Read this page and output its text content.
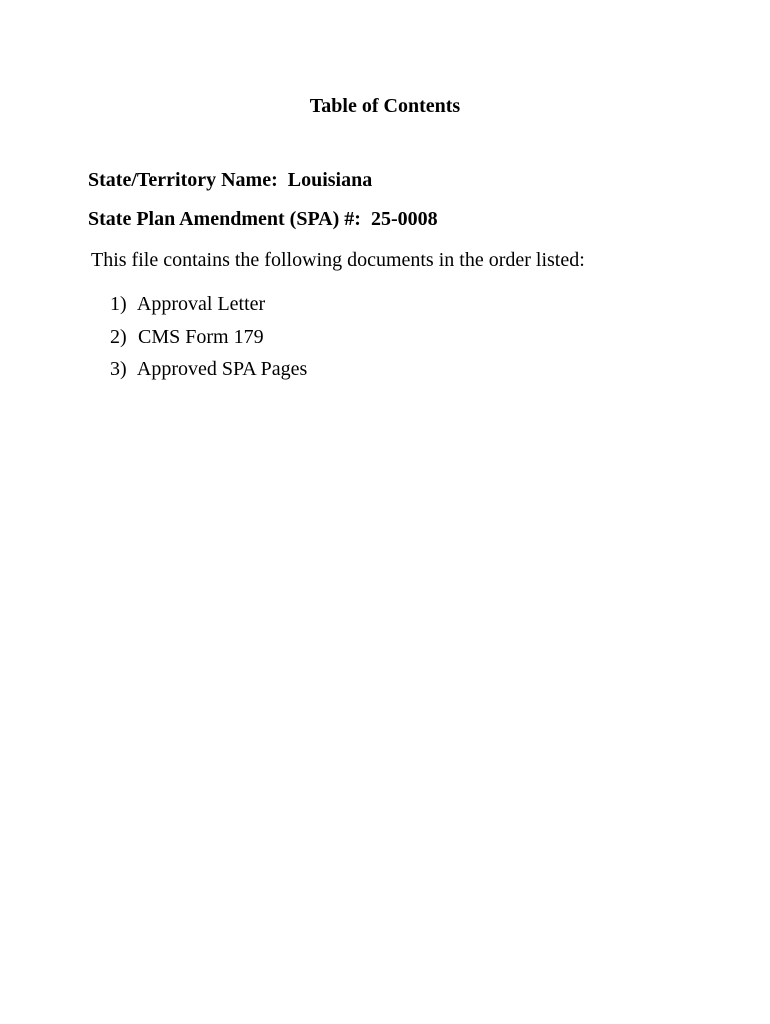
Table of Contents

State/Territory Name: Louisiana

State Plan Amendment (SPA) #: 25-0008

This file contains the following documents in the order listed:

1) Approval Letter
2) CMS Form 179
3) Approved SPA Pages
